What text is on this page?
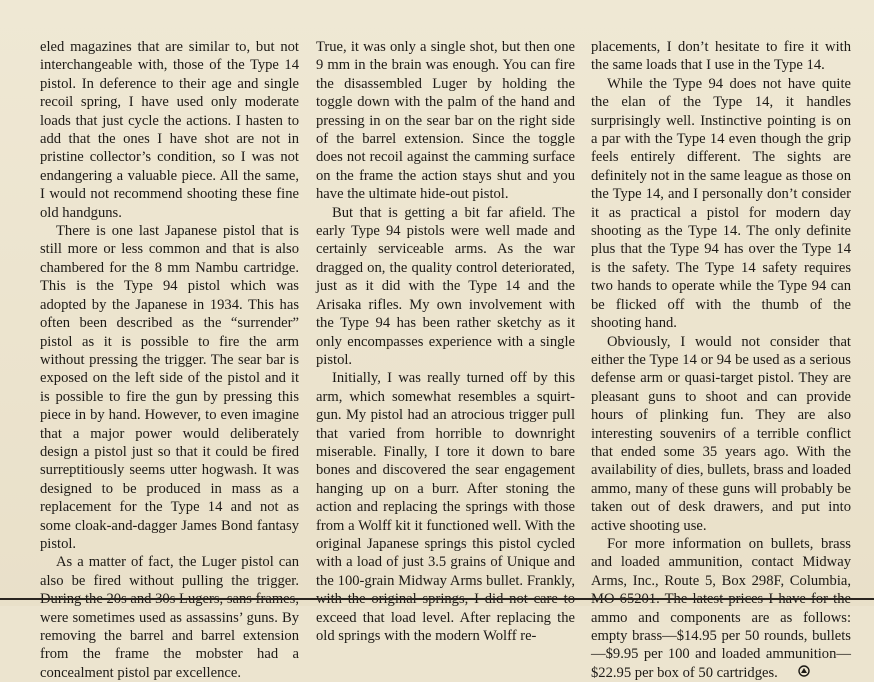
eled magazines that are similar to, but not interchangeable with, those of the Type 14 pistol. In deference to their age and single recoil spring, I have used only moderate loads that just cycle the actions. I hasten to add that the ones I have shot are not in pristine collector’s condition, so I was not endangering a valuable piece. All the same, I would not recommend shooting these fine old handguns.

There is one last Japanese pistol that is still more or less common and that is also chambered for the 8 mm Nambu cartridge. This is the Type 94 pistol which was adopted by the Japanese in 1934. This has often been described as the “surrender” pistol as it is possible to fire the arm without pressing the trigger. The sear bar is exposed on the left side of the pistol and it is possible to fire the gun by pressing this piece in by hand. However, to even imagine that a major power would deliberately design a pistol just so that it could be fired surreptitiously seems utter hogwash. It was designed to be produced in mass as a replacement for the Type 14 and not as some cloak-and-dagger James Bond fantasy pistol.

As a matter of fact, the Luger pistol can also be fired without pulling the trigger. were sometimes used as assassins’ guns. By removing the barrel and barrel extension from the frame the mobster had a concealment pistol par excellence.

True, it was only a single shot, but then one 9 mm in the brain was enough. You can fire the disassembled Luger by holding the toggle down with the palm of the hand and pressing in on the sear bar on the right side of the barrel extension. Since the toggle does not recoil against the camming surface on the frame the action stays shut and you have the ultimate hide-out pistol.

But that is getting a bit far afield. The early Type 94 pistols were well made and certainly serviceable arms. As the war dragged on, the quality control deteriorated, just as it did with the Type 14 and the Arisaka rifles. My own involvement with the Type 94 has been rather sketchy as it only encompasses experience with a single pistol.

Initially, I was really turned off by this arm, which somewhat resembles a squirt-gun. My pistol had an atrocious trigger pull that varied from horrible to downright miserable. Finally, I tore it down to bare bones and discovered the sear engagement hanging up on a burr. After stoning the action and replacing the springs with those from a Wolff kit it functioned well. With the original Japanese springs this pistol cycled with a load of just 3.5 grains of Unique and the 100-grain Midway Arms bullet. Frankly, exceed that load level. After replacing the old springs with the modern Wolff re-

placements, I don’t hesitate to fire it with the same loads that I use in the Type 14.

While the Type 94 does not have quite the elan of the Type 14, it handles surprisingly well. Instinctive pointing is on a par with the Type 14 even though the grip feels entirely different. The sights are definitely not in the same league as those on the Type 14, and I personally don’t consider it as practical a pistol for modern day shooting as the Type 14. The only definite plus that the Type 94 has over the Type 14 is the safety. The Type 14 safety requires two hands to operate while the Type 94 can be flicked off with the thumb of the shooting hand.

Obviously, I would not consider that either the Type 14 or 94 be used as a serious defense arm or quasi-target pistol. They are pleasant guns to shoot and can provide hours of plinking fun. They are also interesting souvenirs of a terrible conflict that ended some 35 years ago. With the availability of dies, bullets, brass and loaded ammo, many of these guns will probably be taken out of desk drawers, and put into active shooting use.

For more information on bullets, brass and loaded ammunition, contact Midway Arms, Inc., Route 5, Box 298F, Columbia, ammo and components are as follows: empty brass—$14.95 per 50 rounds, bullets—$9.95 per 100 and loaded ammunition—$22.95 per box of 50 cartridges.
